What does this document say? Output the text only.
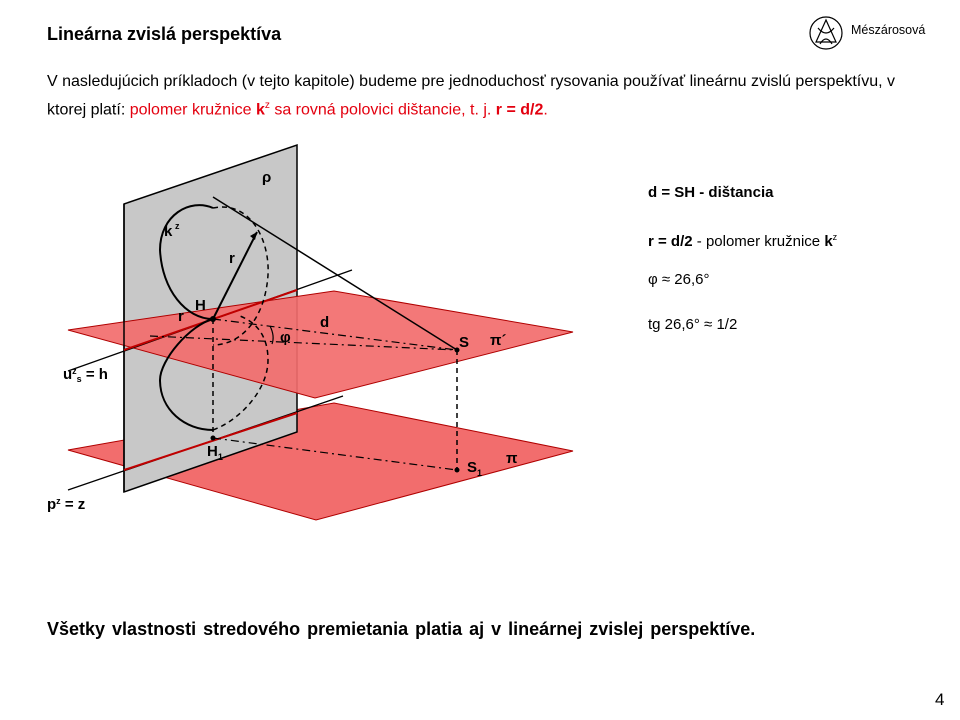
Lineárna zvislá perspektíva	Mészárosová
V nasledujúcich príkladoch (v tejto kapitole) budeme pre jednoduchosť rysovania používať lineárnu zvislú perspektívu, v ktorej platí: polomer kružnice $k^z$ sa rovná polovici dištancie, t. j. r = d/2.
ρ
k z
r
H
r	d
φ	S π´
$u^ᴢ_s = h$
$H_1$
$S_1$
π
$p^ᴢ = z$
d = SH - dištancia
r = d/2 - polomer kružnice $k^z$
φ ≈ 26,6°
tg 26,6° ≈ 1/2
Všetky vlastnosti stredového premietania platia aj v lineárnej zvislej perspektíve.
4
